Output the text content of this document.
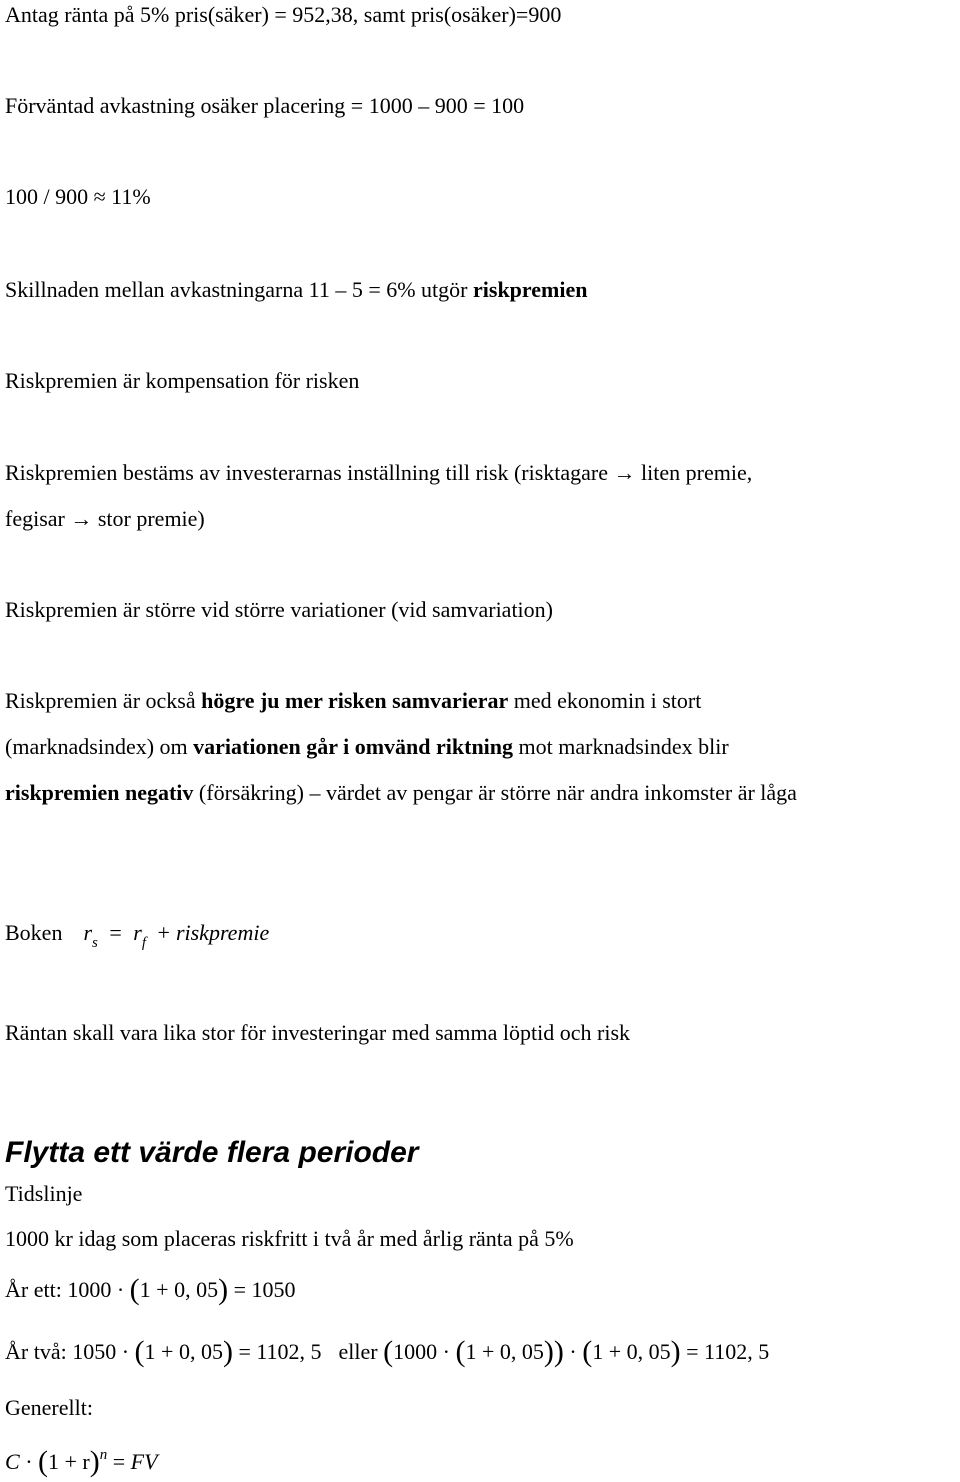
Antag ränta på 5% pris(säker) = 952,38, samt pris(osäker)=900
Förväntad avkastning osäker placering = 1000 – 900 = 100
100 / 900 ≈ 11%
Skillnaden mellan avkastningarna 11 – 5 = 6% utgör riskpremien
Riskpremien är kompensation för risken
Riskpremien bestäms av investerarnas inställning till risk (risktagare → liten premie,
fegisar → stor premie)
Riskpremien är större vid större variationer (vid samvariation)
Riskpremien är också högre ju mer risken samvarierar med ekonomin i stort
(marknadsindex) om variationen går i omvänd riktning mot marknadsindex blir
riskpremien negativ (försäkring) – värdet av pengar är större när andra inkomster är låga
Boken $r_s = r_f$ + riskpremie
Räntan skall vara lika stor för investeringar med samma löptid och risk
Flytta ett värde flera perioder
Tidslinje
1000 kr idag som placeras riskfritt i två år med årlig ränta på 5%
År ett: 1000 · (1 + 0, 05) = 1050
År två: 1050 · (1 + 0, 05) = 1102, 5 eller (1000 · (1 + 0, 05)) · (1 + 0, 05) = 1102, 5
Generellt:
$C \cdot (1 + r)^n$ = FV
